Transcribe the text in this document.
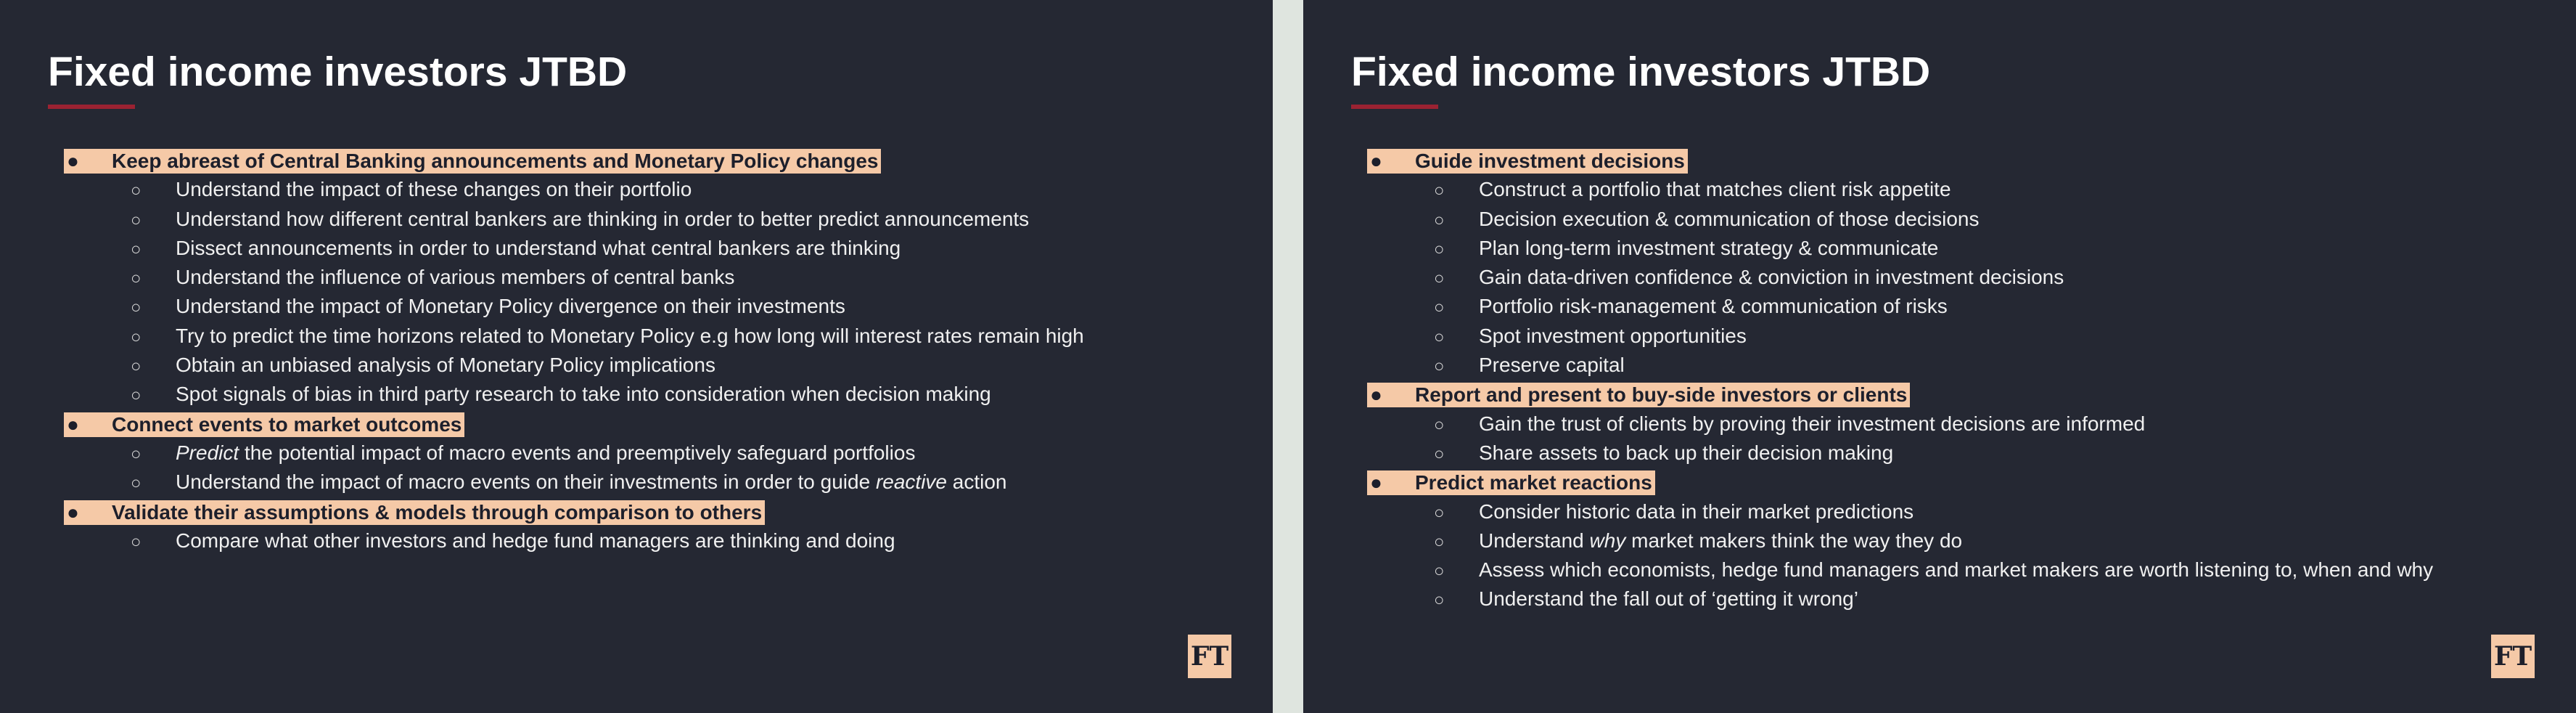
Fixed income investors JTBD
● Keep abreast of Central Banking announcements and Monetary Policy changes
○ Understand the impact of these changes on their portfolio
○ Understand how different central bankers are thinking in order to better predict announcements
○ Dissect announcements in order to understand what central bankers are thinking
○ Understand the influence of various members of central banks
○ Understand the impact of Monetary Policy divergence on their investments
○ Try to predict the time horizons related to Monetary Policy e.g how long will interest rates remain high
○ Obtain an unbiased analysis of Monetary Policy implications
○ Spot signals of bias in third party research to take into consideration when decision making
● Connect events to market outcomes
○ Predict the potential impact of macro events and preemptively safeguard portfolios
○ Understand the impact of macro events on their investments in order to guide reactive action
● Validate their assumptions & models through comparison to others
○ Compare what other investors and hedge fund managers are thinking and doing
FT
Fixed income investors JTBD
● Guide investment decisions
○ Construct a portfolio that matches client risk appetite
○ Decision execution & communication of those decisions
○ Plan long-term investment strategy & communicate
○ Gain data-driven confidence & conviction in investment decisions
○ Portfolio risk-management & communication of risks
○ Spot investment opportunities
○ Preserve capital
● Report and present to buy-side investors or clients
○ Gain the trust of clients by proving their investment decisions are informed
○ Share assets to back up their decision making
● Predict market reactions
○ Consider historic data in their market predictions
○ Understand why market makers think the way they do
○ Assess which economists, hedge fund managers and market makers are worth listening to, when and why
○ Understand the fall out of ‘getting it wrong’
FT
